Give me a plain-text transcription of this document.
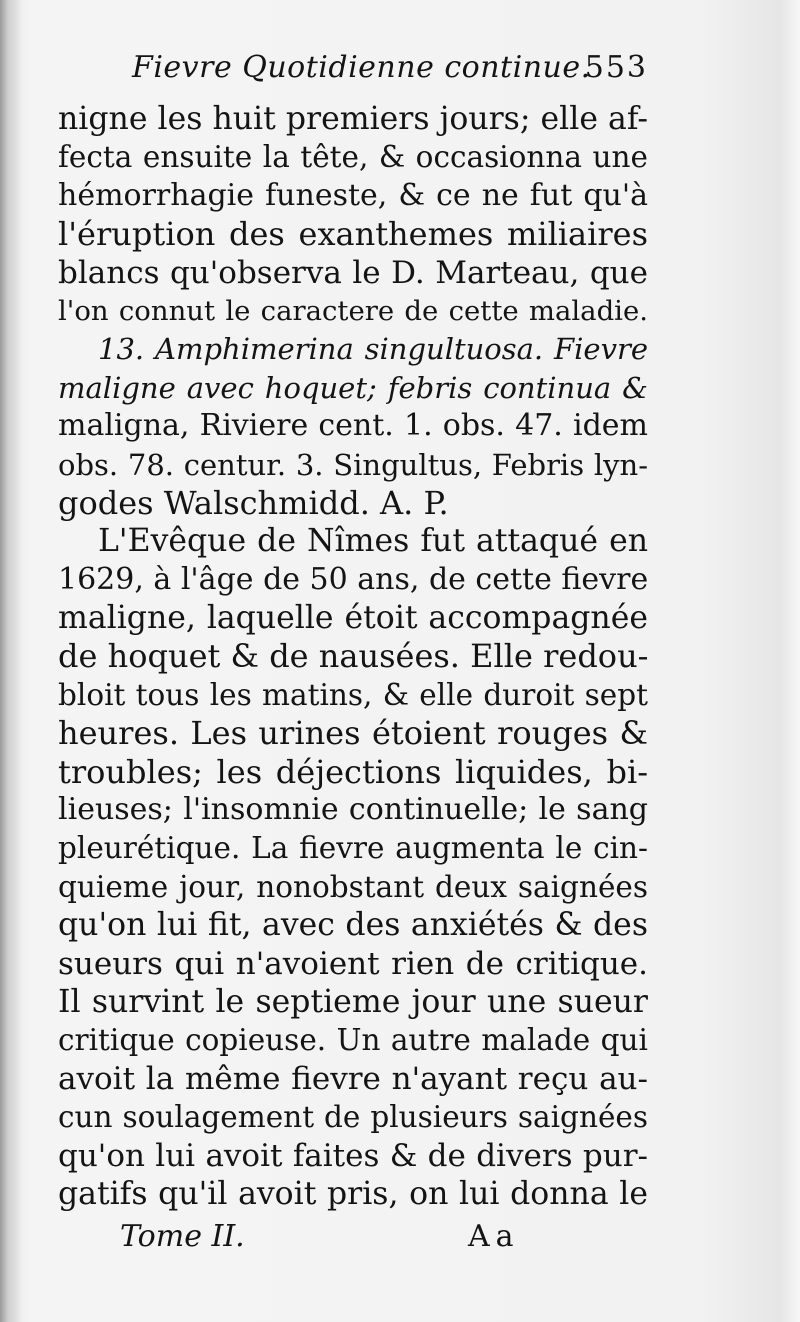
Fievre Quotidienne continue.
553
nigne les huit premiers jours; elle af-
fecta ensuite la tête, & occasionna une
hémorrhagie funeste, & ce ne fut qu'à
l'éruption des exanthemes miliaires
blancs qu'observa le D. Marteau, que
l'on connut le caractere de cette maladie.
13. Amphimerina singultuosa. Fievre
maligne avec hoquet; febris continua &
maligna, Riviere cent. 1. obs. 47. idem
obs. 78. centur. 3. Singultus, Febris lyn-
godes Walschmidd. A. P.
L'Evêque de Nîmes fut attaqué en
1629, à l'âge de 50 ans, de cette fievre
maligne, laquelle étoit accompagnée
de hoquet & de nausées. Elle redou-
bloit tous les matins, & elle duroit sept
heures. Les urines étoient rouges &
troubles; les déjections liquides, bi-
lieuses; l'insomnie continuelle; le sang
pleurétique. La fievre augmenta le cin-
quieme jour, nonobstant deux saignées
qu'on lui fit, avec des anxiétés & des
sueurs qui n'avoient rien de critique.
Il survint le septieme jour une sueur
critique copieuse. Un autre malade qui
avoit la même fievre n'ayant reçu au-
cun soulagement de plusieurs saignées
qu'on lui avoit faites & de divers pur-
gatifs qu'il avoit pris, on lui donna le
Tome II.	Aa
